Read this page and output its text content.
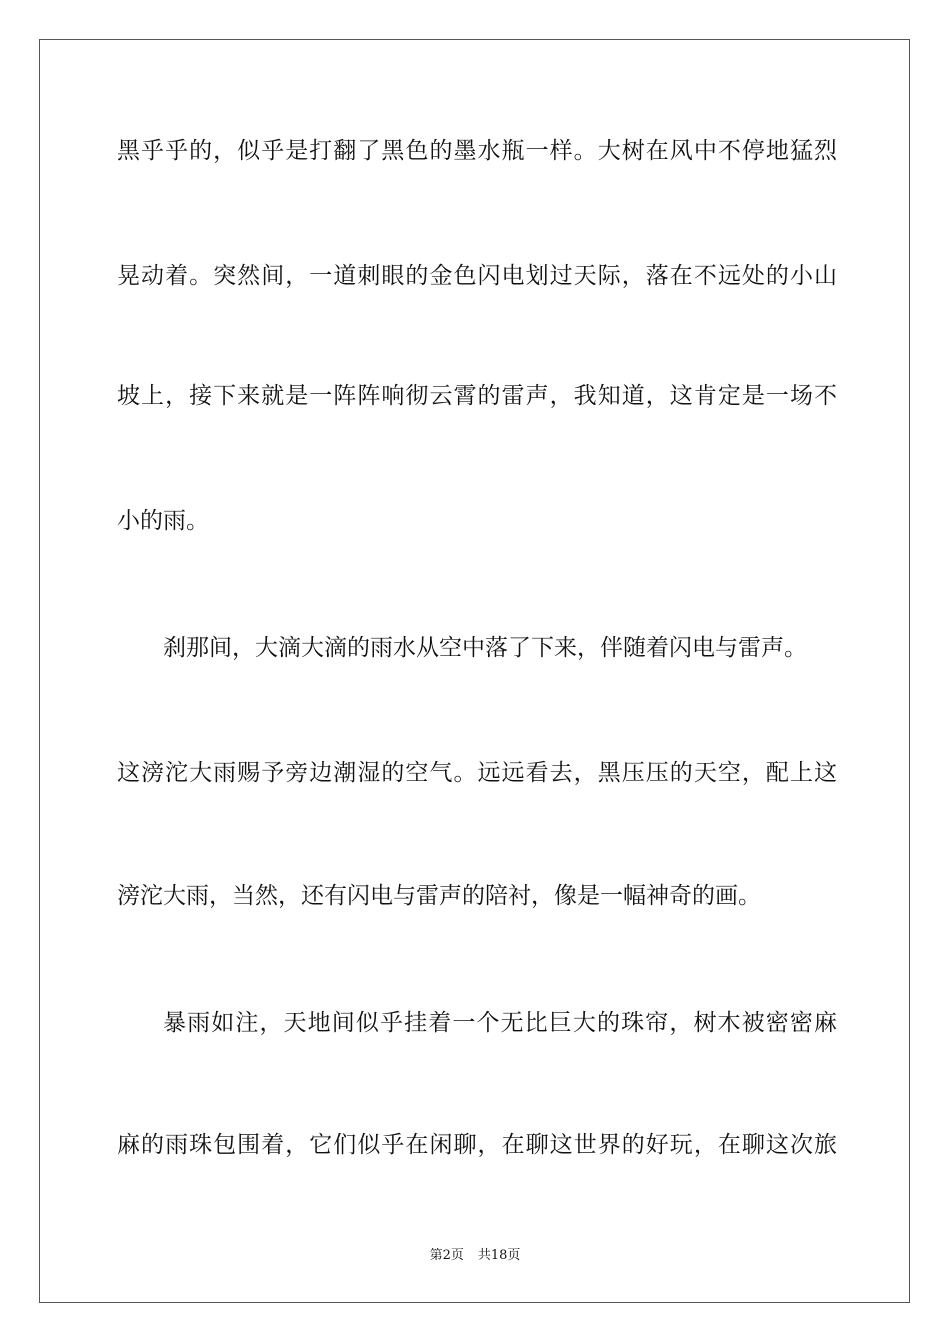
黑乎乎的，似乎是打翻了黑色的墨水瓶一样。大树在风中不停地猛烈
晃动着。突然间，一道刺眼的金色闪电划过天际，落在不远处的小山
坡上，接下来就是一阵阵响彻云霄的雷声，我知道，这肯定是一场不
小的雨。
刹那间，大滴大滴的雨水从空中落了下来，伴随着闪电与雷声。
这滂沱大雨赐予旁边潮湿的空气。远远看去，黑压压的天空，配上这
滂沱大雨，当然，还有闪电与雷声的陪衬，像是一幅神奇的画。
暴雨如注，天地间似乎挂着一个无比巨大的珠帘，树木被密密麻
麻的雨珠包围着，它们似乎在闲聊，在聊这世界的好玩，在聊这次旅
第2页 共18页
